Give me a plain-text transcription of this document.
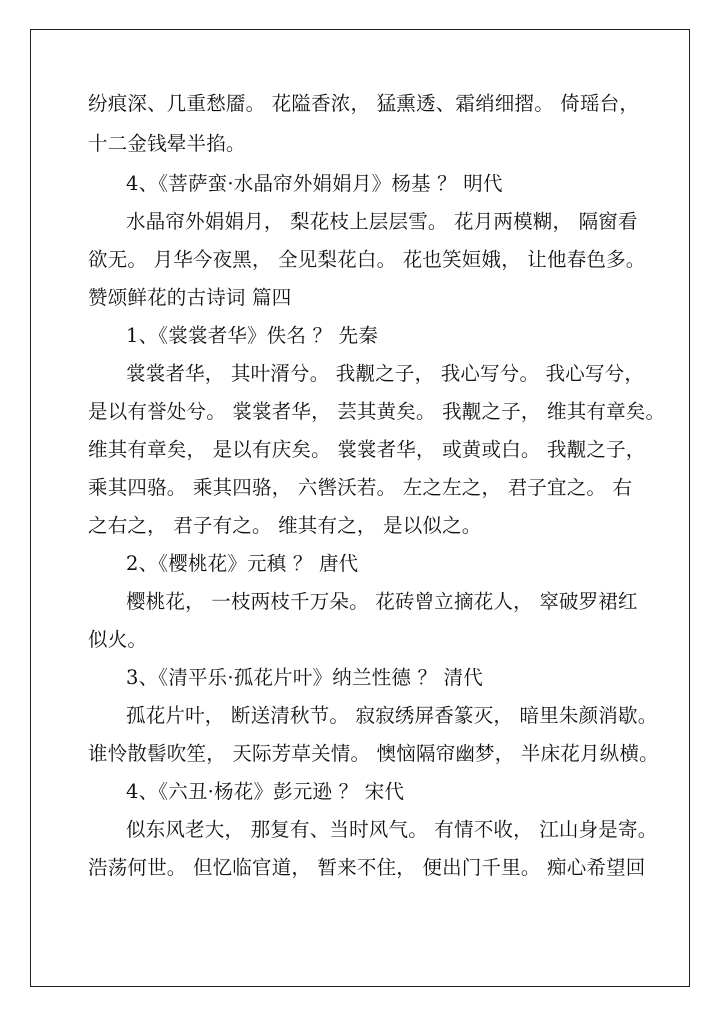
纷痕深、几重愁靥。 花隘香浓， 猛熏透、霜绡细摺。 倚瑶台，
十二金钱晕半掐。
4、《菩萨蛮·水晶帘外娟娟月》杨基 ？ 明代
水晶帘外娟娟月， 梨花枝上层层雪。 花月两模糊， 隔窗看
欲无。 月华今夜黑， 全见梨花白。 花也笑姮娥， 让他春色多。
赞颂鲜花的古诗词 篇四
1、《裳裳者华》佚名 ？ 先秦
裳裳者华， 其叶湑兮。 我觏之子， 我心写兮。 我心写兮，
是以有誉处兮。 裳裳者华， 芸其黄矣。 我觏之子， 维其有章矣。
维其有章矣， 是以有庆矣。 裳裳者华， 或黄或白。 我觏之子，
乘其四骆。 乘其四骆， 六辔沃若。 左之左之， 君子宜之。 右
之右之， 君子有之。 维其有之， 是以似之。
2、《樱桃花》元稹 ？ 唐代
樱桃花， 一枝两枝千万朵。 花砖曾立摘花人， 窣破罗裙红
似火。
3、《清平乐·孤花片叶》纳兰性德 ？ 清代
孤花片叶， 断送清秋节。 寂寂绣屏香篆灭， 暗里朱颜消歇。
谁怜散髻吹笙， 天际芳草关情。 懊恼隔帘幽梦， 半床花月纵横。
4、《六丑·杨花》彭元逊 ？ 宋代
似东风老大， 那复有、当时风气。 有情不收， 江山身是寄。
浩荡何世。 但忆临官道， 暂来不住， 便出门千里。 痴心希望回
